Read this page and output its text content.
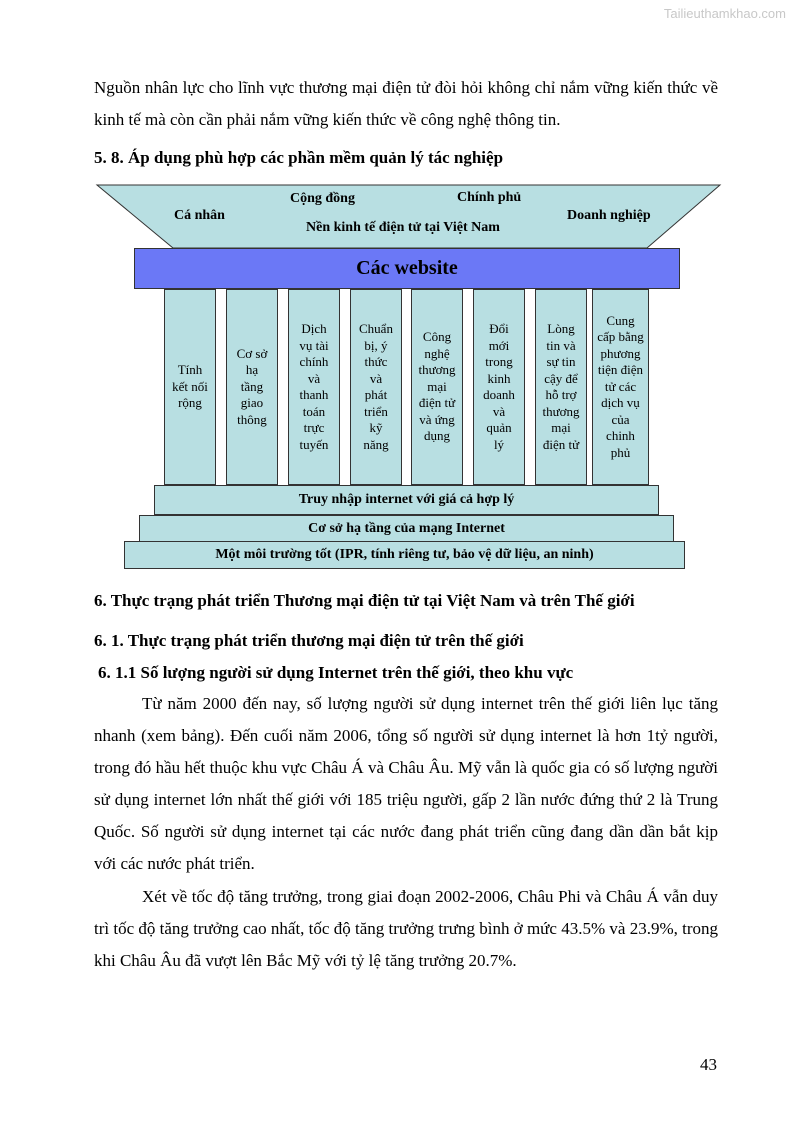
Tailieuthamkhao.com
Nguồn nhân lực cho lĩnh vực thương mại điện tử đòi hỏi không chỉ nắm vững kiến thức về kinh tế mà còn cần phải nắm vững kiến thức về công nghệ thông tin.
5. 8. Áp dụng phù hợp các phần mềm quản lý tác nghiệp
Cá nhân
Cộng đồng	Chính phủ
Doanh nghiệp
Nền kinh tế điện tử tại Việt Nam
Các website
Tính
kết nối
rộng
Cơ sở
hạ
tầng
giao
thông
Dịch
vụ tài
chính
và
thanh
toán
trực
tuyến
Chuẩn
bị, ý
thức
và
phát
triển
kỹ
năng
Công
nghệ
thương
mại
điện tử
và ứng
dụng
Đổi
mới
trong
kinh
doanh
và
quản
lý
Lòng
tin và
sự tin
cậy để
hỗ trợ
thương
mại
điện tử
Cung
cấp bằng
phương
tiện điện
tử các
dịch vụ
của
chinh
phủ
Truy nhập internet với giá cả hợp lý
Cơ sở hạ tầng của mạng Internet
Một môi trường tốt (IPR, tính riêng tư, bảo vệ dữ liệu, an ninh)
6. Thực trạng phát triển Thương mại điện tử tại Việt Nam và trên Thế giới
6. 1. Thực trạng phát triển thương mại điện tử trên thế giới
6. 1.1 Số lượng người sử dụng Internet trên thế giới, theo khu vực
Từ năm 2000 đến nay, số lượng người sử dụng internet trên thế giới liên lục tăng nhanh (xem bảng). Đến cuối năm 2006, tổng số người sử dụng internet là hơn 1tỷ người, trong đó hầu hết thuộc khu vực Châu Á và Châu Âu. Mỹ vẫn là quốc gia có số lượng người sử dụng internet lớn nhất thế giới với 185 triệu người, gấp 2 lần nước đứng thứ 2 là Trung Quốc. Số người sử dụng internet tại các nước đang phát triển cũng đang dần dần bắt kịp với các nước phát triển.
Xét về tốc độ tăng trưởng, trong giai đoạn 2002-2006, Châu Phi và Châu Á vẫn duy trì tốc độ tăng trưởng cao nhất, tốc độ tăng trưởng trưng bình ở mức 43.5% và 23.9%, trong khi Châu Âu đã vượt lên Bắc Mỹ với tỷ lệ tăng trưởng 20.7%.
43
